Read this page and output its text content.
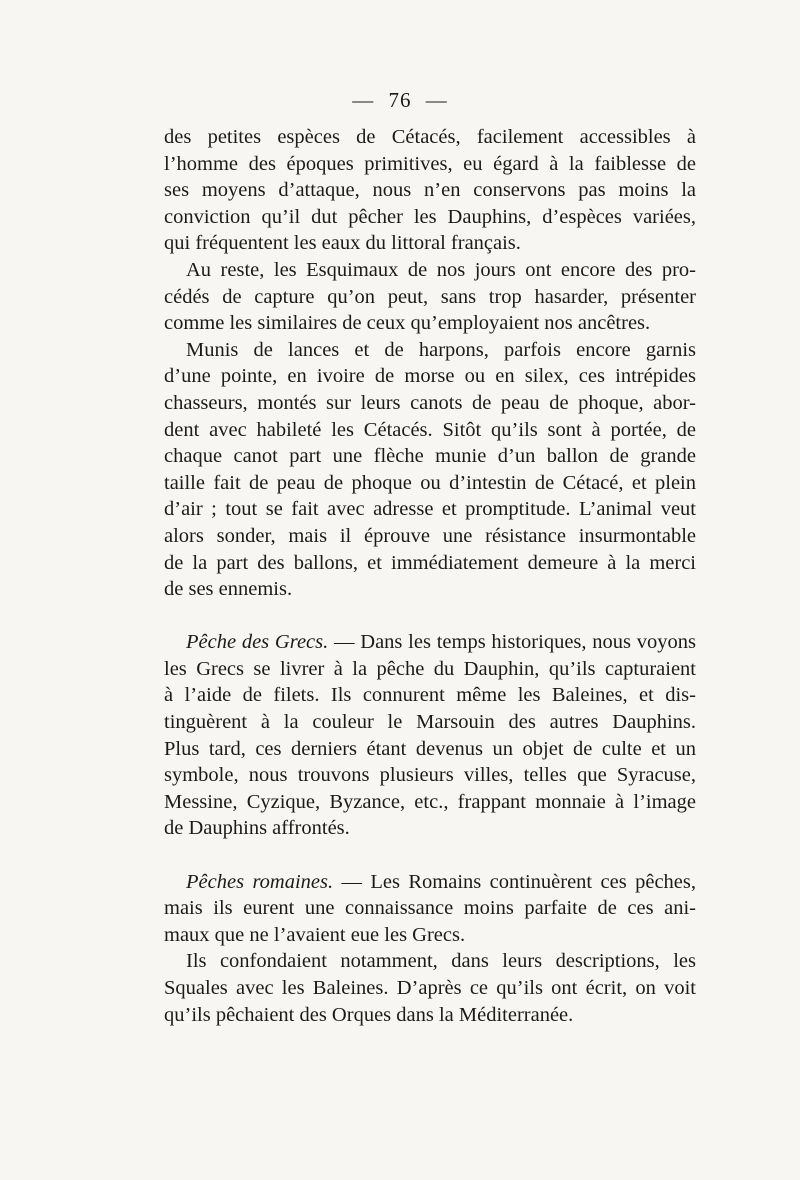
— 76 —
des petites espèces de Cétacés, facilement accessibles à
l’homme des époques primitives, eu égard à la faiblesse de
ses moyens d’attaque, nous n’en conservons pas moins la
conviction qu’il dut pêcher les Dauphins, d’espèces variées,
qui fréquentent les eaux du littoral français.
Au reste, les Esquimaux de nos jours ont encore des pro-
cédés de capture qu’on peut, sans trop hasarder, présenter
comme les similaires de ceux qu’employaient nos ancêtres.
Munis de lances et de harpons, parfois encore garnis
d’une pointe, en ivoire de morse ou en silex, ces intrépides
chasseurs, montés sur leurs canots de peau de phoque, abor-
dent avec habileté les Cétacés. Sitôt qu’ils sont à portée, de
chaque canot part une flèche munie d’un ballon de grande
taille fait de peau de phoque ou d’intestin de Cétacé, et plein
d’air ; tout se fait avec adresse et promptitude. L’animal veut
alors sonder, mais il éprouve une résistance insurmontable
de la part des ballons, et immédiatement demeure à la merci
de ses ennemis.
Pêche des Grecs. — Dans les temps historiques, nous voyons
les Grecs se livrer à la pêche du Dauphin, qu’ils capturaient
à l’aide de filets. Ils connurent même les Baleines, et dis-
tinguèrent à la couleur le Marsouin des autres Dauphins.
Plus tard, ces derniers étant devenus un objet de culte et un
symbole, nous trouvons plusieurs villes, telles que Syracuse,
Messine, Cyzique, Byzance, etc., frappant monnaie à l’image
de Dauphins affrontés.
Pêches romaines. — Les Romains continuèrent ces pêches,
mais ils eurent une connaissance moins parfaite de ces ani-
maux que ne l’avaient eue les Grecs.
Ils confondaient notamment, dans leurs descriptions, les
Squales avec les Baleines. D’après ce qu’ils ont écrit, on voit
qu’ils pêchaient des Orques dans la Méditerranée.
